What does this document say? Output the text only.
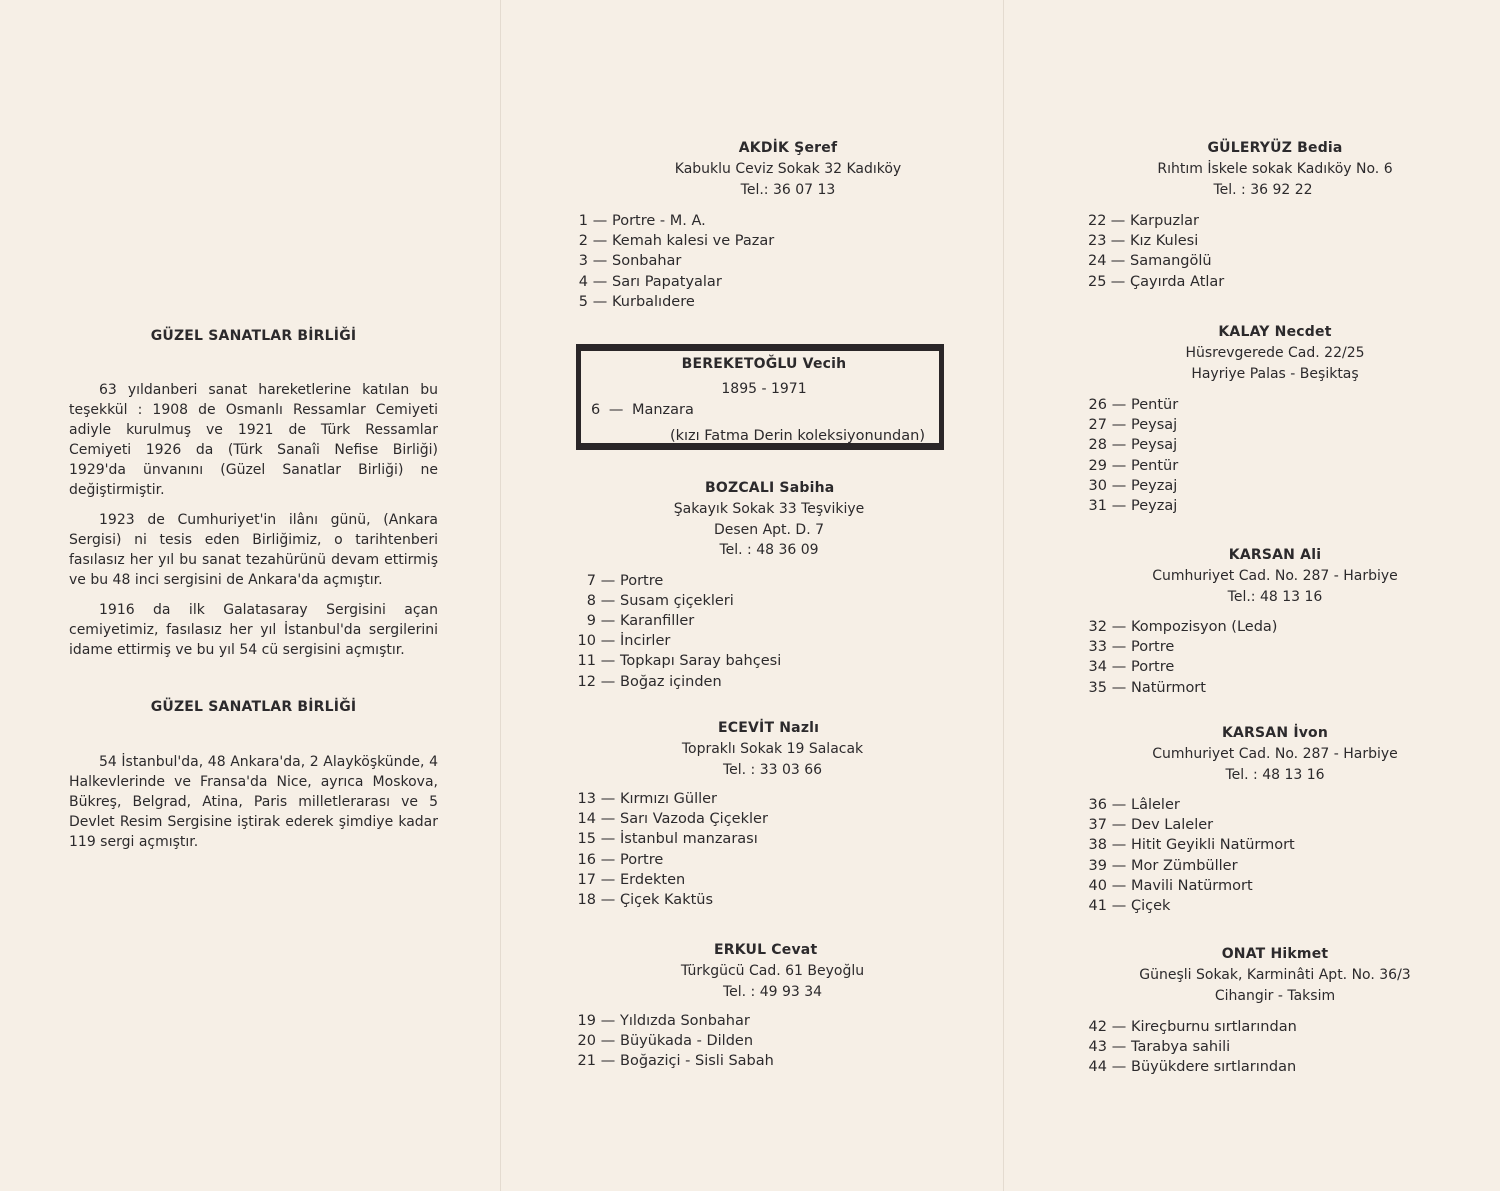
GÜZEL SANATLAR BİRLİĞİ

63 yıldanberi sanat hareketlerine katılan bu teşekkül : 1908 de Osmanlı Ressamlar Cemiyeti adiyle kurulmuş ve 1921 de Türk Ressamlar Cemiyeti 1926 da (Türk Sanaîi Nefise Birliği) 1929'da ünvanını (Güzel Sanatlar Birliği) ne değiştirmiştir.

1923 de Cumhuriyet'in ilânı günü, (Ankara Sergisi) ni tesis eden Birliğimiz, o tarihtenberi fasılasız her yıl bu sanat tezahürünü devam ettirmiş ve bu 48 inci sergisini de Ankara'da açmıştır.

1916 da ilk Galatasaray Sergisini açan cemiyetimiz, fasılasız her yıl İstanbul'da sergilerini idame ettirmiş ve bu yıl 54 cü sergisini açmıştır.

GÜZEL SANATLAR BİRLİĞİ

54 İstanbul'da, 48 Ankara'da, 2 Alayköşkünde, 4 Halkevlerinde ve Fransa'da Nice, ayrıca Moskova, Bükreş, Belgrad, Atina, Paris milletlerarası ve 5 Devlet Resim Sergisine iştirak ederek şimdiye kadar 119 sergi açmıştır.

AKDİK Şeref
Kabuklu Ceviz Sokak 32 Kadıköy
Tel.: 36 07 13
1 — Portre - M. A.
2 — Kemah kalesi ve Pazar
3 — Sonbahar
4 — Sarı Papatyalar
5 — Kurbalıdere
BOZCALI Sabiha
Şakayık Sokak 33 Teşvikiye
Desen Apt. D. 7
Tel. : 48 36 09
7 — Portre
8 — Susam çiçekleri
9 — Karanfiller
10 — İncirler
11 — Topkapı Saray bahçesi
12 — Boğaz içinden
ECEVİT Nazlı
Topraklı Sokak 19 Salacak
Tel. : 33 03 66
13 — Kırmızı Güller
14 — Sarı Vazoda Çiçekler
15 — İstanbul manzarası
16 — Portre
17 — Erdekten
18 — Çiçek Kaktüs
ERKUL Cevat
Türkgücü Cad. 61 Beyoğlu
Tel. : 49 93 34
19 — Yıldızda Sonbahar
20 — Büyükada - Dilden
21 — Boğaziçi - Sisli Sabah
BEREKETOĞLU Vecih
1895 - 1971
6 — Manzara
(kızı Fatma Derin koleksiyonundan)
GÜLERYÜZ Bedia
Rıhtım İskele sokak Kadıköy No. 6
Tel. : 36 92 22
22 — Karpuzlar
23 — Kız Kulesi
24 — Samangölü
25 — Çayırda Atlar
KALAY Necdet
Hüsrevgerede Cad. 22/25
Hayriye Palas - Beşiktaş
26 — Pentür
27 — Peysaj
28 — Peysaj
29 — Pentür
30 — Peyzaj
31 — Peyzaj
KARSAN Ali
Cumhuriyet Cad. No. 287 - Harbiye
Tel.: 48 13 16
32 — Kompozisyon (Leda)
33 — Portre
34 — Portre
35 — Natürmort
KARSAN İvon
Cumhuriyet Cad. No. 287 - Harbiye
Tel. : 48 13 16
36 — Lâleler
37 — Dev Laleler
38 — Hitit Geyikli Natürmort
39 — Mor Zümbüller
40 — Mavili Natürmort
41 — Çiçek
ONAT Hikmet
Güneşli Sokak, Karminâti Apt. No. 36/3
Cihangir - Taksim
42 — Kireçburnu sırtlarından
43 — Tarabya sahili
44 — Büyükdere sırtlarından
